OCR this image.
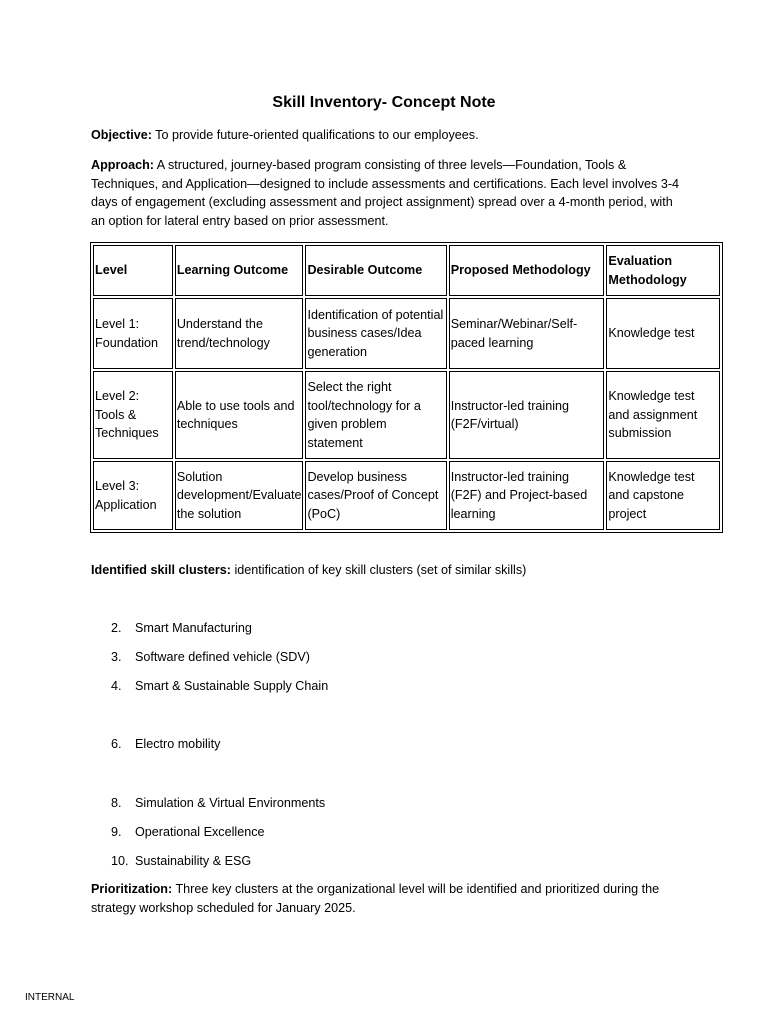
Skill Inventory- Concept Note

Objective: To provide future-oriented qualifications to our employees.

Approach: A structured, journey-based program consisting of three levels—Foundation, Tools & Techniques, and Application—designed to include assessments and certifications. Each level involves 3-4 days of engagement (excluding assessment and project assignment) spread over a 4-month period, with an option for lateral entry based on prior assessment.

Level	Learning Outcome	Desirable Outcome	Proposed Methodology	Evaluation Methodology
Level 1: Foundation	Understand the trend/technology	Identification of potential business cases/Idea generation	Seminar/Webinar/Self-paced learning	Knowledge test
Level 2: Tools & Techniques	Able to use tools and techniques	Select the right tool/technology for a given problem statement	Instructor-led training (F2F/virtual)	Knowledge test and assignment submission
Level 3: Application	Solution development/Evaluate the solution	Develop business cases/Proof of Concept (PoC)	Instructor-led training (F2F) and Project-based learning	Knowledge test and capstone project

Identified skill clusters: identification of key skill clusters (set of similar skills)

2. Smart Manufacturing

3. Software defined vehicle (SDV)

4. Smart & Sustainable Supply Chain

6. Electro mobility

8. Simulation & Virtual Environments

9. Operational Excellence

10. Sustainability & ESG

Prioritization: Three key clusters at the organizational level will be identified and prioritized during the strategy workshop scheduled for January 2025.

INTERNAL
